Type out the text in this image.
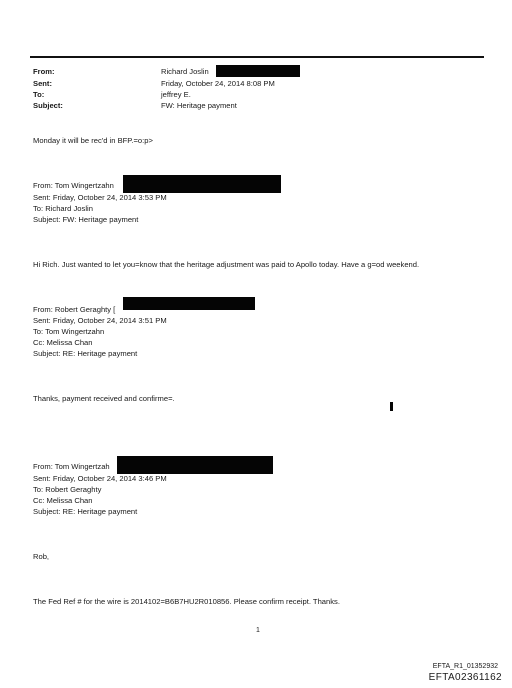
From:
Sent:
To:
Subject:
Richard Joslin
Friday, October 24, 2014 8:08 PM
jeffrey E.
FW: Heritage payment
Monday it will be rec'd in BFP.=o:p>
From: Tom Wingertzahn
Sent: Friday, October 24, 2014 3:53 PM
To: Richard Joslin
Subject: FW: Heritage payment
Hi Rich. Just wanted to let you=know that the heritage adjustment was paid to Apollo today. Have a g=od weekend.
From: Robert Geraghty [
Sent: Friday, October 24, 2014 3:51 PM
To: Tom Wingertzahn
Cc: Melissa Chan
Subject: RE: Heritage payment
Thanks, payment received and confirme=.
From: Tom Wingertzah
Sent: Friday, October 24, 2014 3:46 PM
To: Robert Geraghty
Cc: Melissa Chan
Subject: RE: Heritage payment
Rob,
The Fed Ref # for the wire is 2014102=B6B7HU2R010856. Please confirm receipt. Thanks.
1
EFTA_R1_01352932
EFTA02361162
